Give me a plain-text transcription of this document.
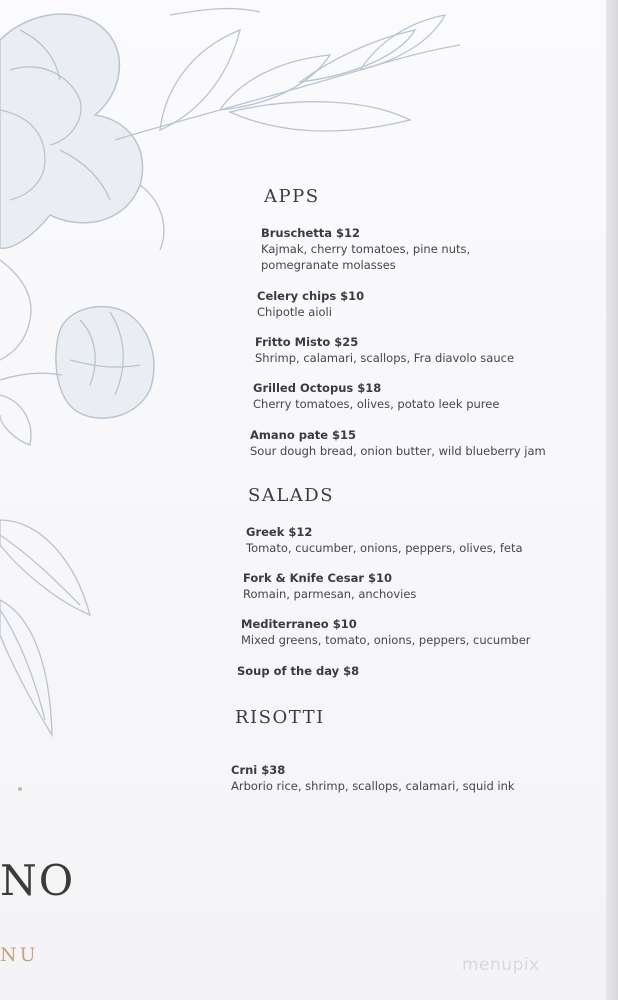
APPS
Bruschetta $12
Kajmak, cherry tomatoes, pine nuts, pomegranate molasses
Celery chips $10
Chipotle aioli
Fritto Misto $25
Shrimp, calamari, scallops, Fra diavolo sauce
Grilled Octopus $18
Cherry tomatoes, olives, potato leek puree
Amano pate $15
Sour dough bread, onion butter, wild blueberry jam
SALADS
Greek $12
Tomato, cucumber, onions, peppers, olives, feta
Fork & Knife Cesar $10
Romain, parmesan, anchovies
Mediterraneo $10
Mixed greens, tomato, onions, peppers, cucumber
Soup of the day $8
RISOTTI
Crni $38
Arborio rice, shrimp, scallops, calamari, squid ink
NO
NU	menupix
